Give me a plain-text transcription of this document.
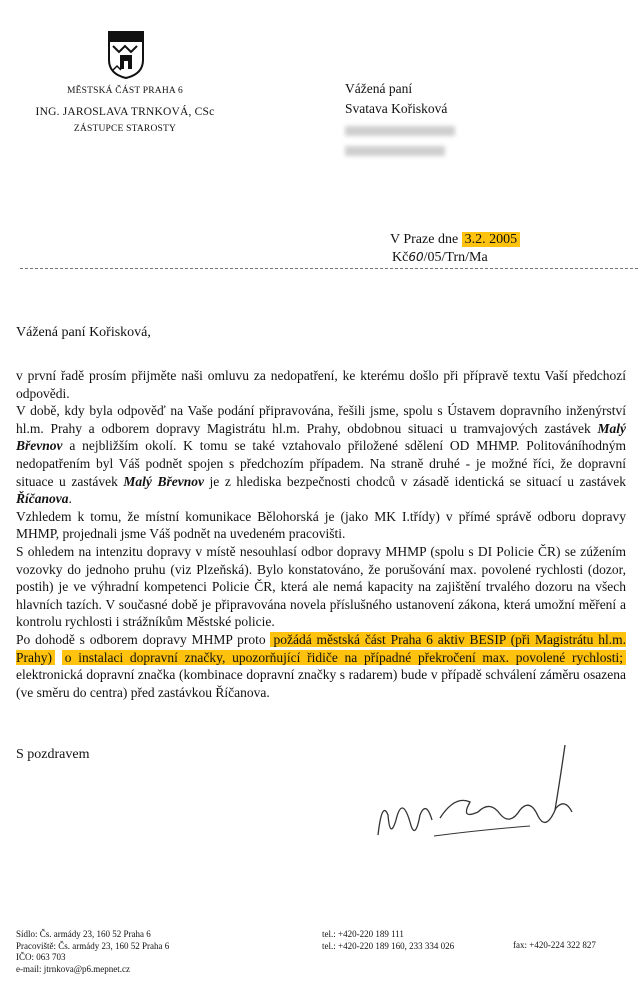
MĚSTSKÁ ČÁST PRAHA 6
ING. JAROSLAVA TRNKOVÁ, CSc
ZÁSTUPCE STAROSTY
Vážená paní
Svatava Kořisková
V Praze dne 3.2. 2005
Kč60/05/Trn/Ma
Vážená paní Kořisková,

v první řadě prosím přijměte naši omluvu za nedopatření, ke kterému došlo při přípravě textu Vaší předchozí odpovědi.

V době, kdy byla odpověď na Vaše podání připravována, řešili jsme, spolu s Ústavem dopravního inženýrství hl.m. Prahy a odborem dopravy Magistrátu hl.m. Prahy, obdobnou situaci u tramvajových zastávek Malý Břevnov a nejbližším okolí. K tomu se také vztahovalo přiložené sdělení OD MHMP. Politováníhodným nedopatřením byl Váš podnět spojen s předchozím případem. Na straně druhé - je možné říci, že dopravní situace u zastávek Malý Břevnov je z hlediska bezpečnosti chodců v zásadě identická se situací u zastávek Říčanova.

Vzhledem k tomu, že místní komunikace Bělohorská je (jako MK I.třídy) v přímé správě odboru dopravy MHMP, projednali jsme Váš podnět na uvedeném pracovišti.

S ohledem na intenzitu dopravy v místě nesouhlasí odbor dopravy MHMP (spolu s DI Policie ČR) se zúžením vozovky do jednoho pruhu (viz Plzeňská). Bylo konstatováno, že porušování max. povolené rychlosti (dozor, postih) je ve výhradní kompetenci Policie ČR, která ale nemá kapacity na zajištění trvalého dozoru na všech hlavních tazích. V současné době je připravována novela příslušného ustanovení zákona, která umožní měření a kontrolu rychlosti i strážníkům Městské policie.

Po dohodě s odborem dopravy MHMP proto požádá městská část Praha 6 aktiv BESIP (při Magistrátu hl.m. Prahy) o instalaci dopravní značky, upozorňující řidiče na případné překročení max. povolené rychlosti; elektronická dopravní značka (kombinace dopravní značky s radarem) bude v případě schválení záměru osazena (ve směru do centra) před zastávkou Říčanova.

S pozdravem
Sídlo: Čs. armády 23, 160 52 Praha 6
Pracoviště: Čs. armády 23, 160 52 Praha 6
IČO: 063 703
e-mail: jtrnkova@p6.mepnet.cz
tel.: +420-220 189 111
tel.: +420-220 189 160, 233 334 026	fax: +420-224 322 827
